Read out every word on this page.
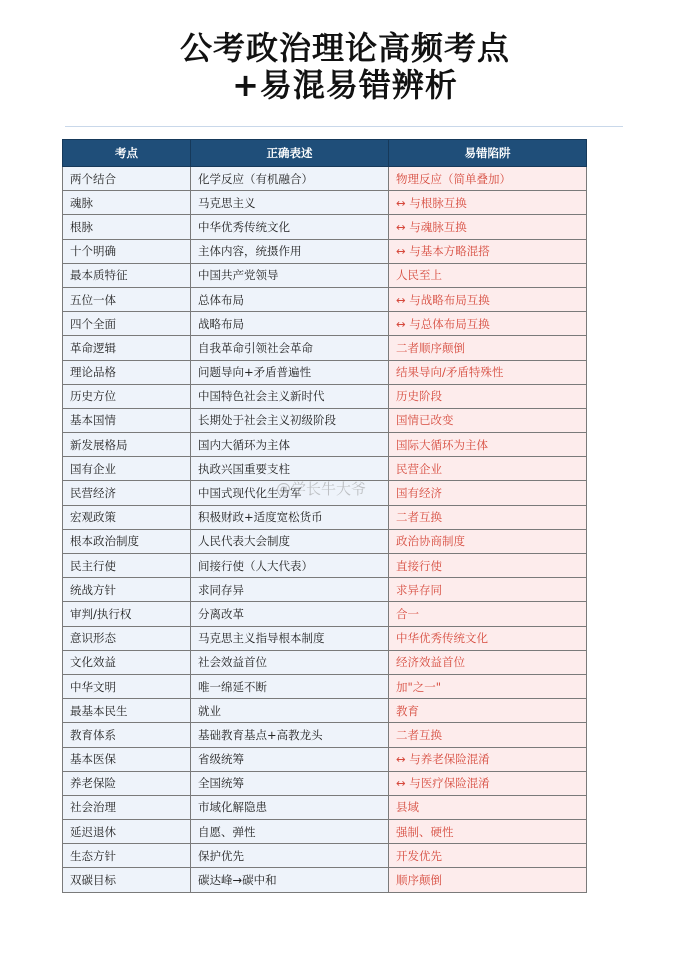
公考政治理论高频考点
+易混易错辨析
考点	正确表述	易错陷阱
两个结合	化学反应（有机融合）	物理反应（简单叠加）
魂脉	马克思主义	↔ 与根脉互换
根脉	中华优秀传统文化	↔ 与魂脉互换
十个明确	主体内容，统摄作用	↔ 与基本方略混搭
最本质特征	中国共产党领导	人民至上
五位一体	总体布局	↔ 与战略布局互换
四个全面	战略布局	↔ 与总体布局互换
革命逻辑	自我革命引领社会革命	二者顺序颠倒
理论品格	问题导向+矛盾普遍性	结果导向/矛盾特殊性
历史方位	中国特色社会主义新时代	历史阶段
基本国情	长期处于社会主义初级阶段	国情已改变
新发展格局	国内大循环为主体	国际大循环为主体
国有企业	执政兴国重要支柱	民营企业
民营经济	中国式现代化生力军	国有经济
宏观政策	积极财政+适度宽松货币	二者互换
根本政治制度	人民代表大会制度	政治协商制度
民主行使	间接行使（人大代表）	直接行使
统战方针	求同存异	求异存同
审判/执行权	分离改革	合一
意识形态	马克思主义指导根本制度	中华优秀传统文化
文化效益	社会效益首位	经济效益首位
中华文明	唯一绵延不断	加"之一"
最基本民生	就业	教育
教育体系	基础教育基点+高教龙头	二者互换
基本医保	省级统筹	↔ 与养老保险混淆
养老保险	全国统筹	↔ 与医疗保险混淆
社会治理	市域化解隐患	县域
延迟退休	自愿、弹性	强制、硬性
生态方针	保护优先	开发优先
双碳目标	碳达峰→碳中和	顺序颠倒
@学长牛大爷
